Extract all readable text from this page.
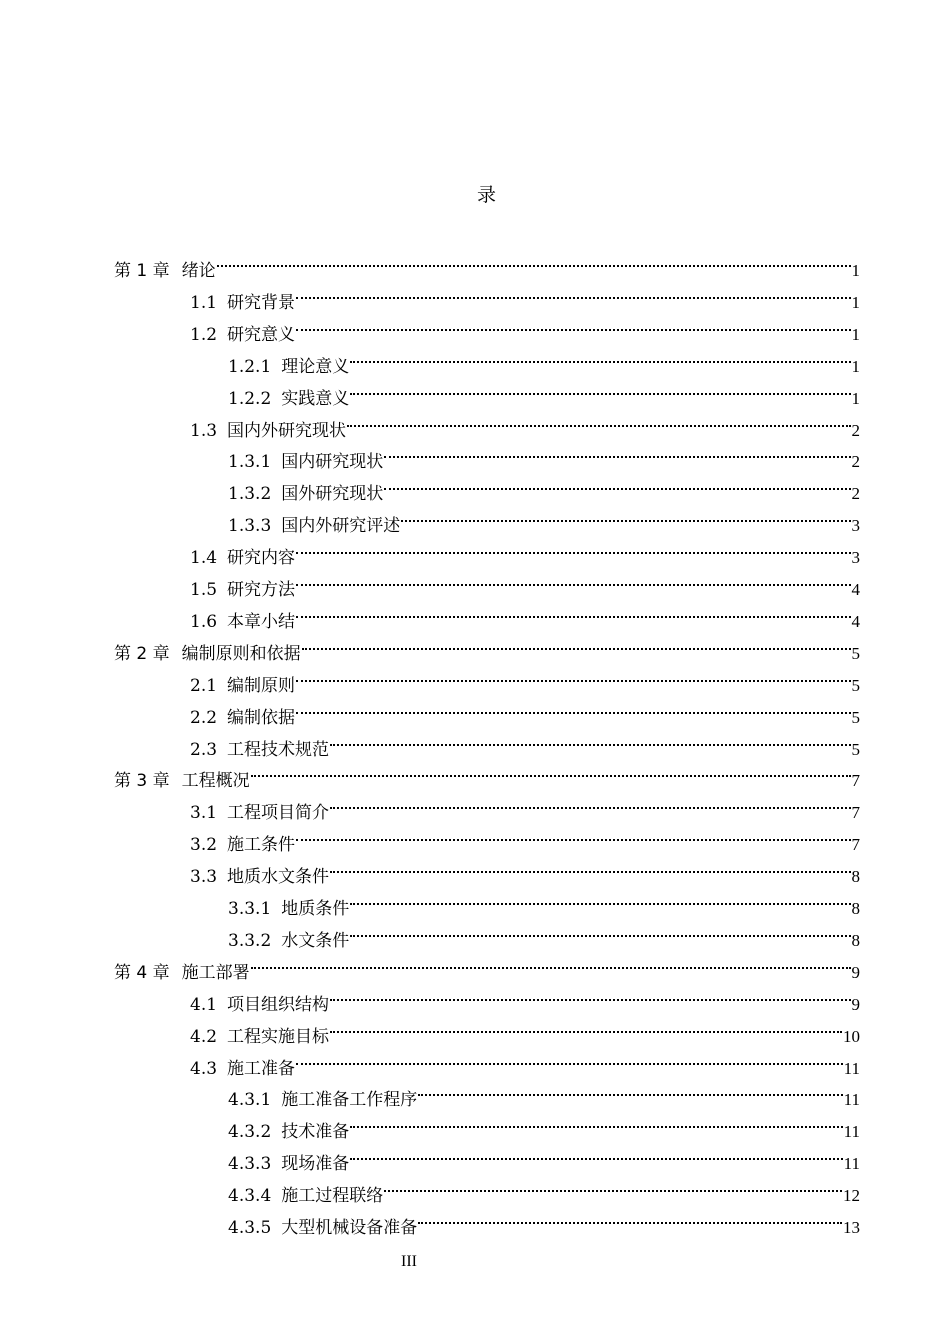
录
第 1 章 绪论	1
1.1 研究背景	1
1.2 研究意义	1
1.2.1 理论意义	1
1.2.2 实践意义	1
1.3 国内外研究现状	2
1.3.1 国内研究现状	2
1.3.2 国外研究现状	2
1.3.3 国内外研究评述	3
1.4 研究内容	3
1.5 研究方法	4
1.6 本章小结	4
第 2 章 编制原则和依据	5
2.1 编制原则	5
2.2 编制依据	5
2.3 工程技术规范	5
第 3 章 工程概况	7
3.1 工程项目简介	7
3.2 施工条件	7
3.3 地质水文条件	8
3.3.1 地质条件	8
3.3.2 水文条件	8
第 4 章 施工部署	9
4.1 项目组织结构	9
4.2 工程实施目标	10
4.3 施工准备	11
4.3.1 施工准备工作程序	11
4.3.2 技术准备	11
4.3.3 现场准备	11
4.3.4 施工过程联络	12
4.3.5 大型机械设备准备	13
III
